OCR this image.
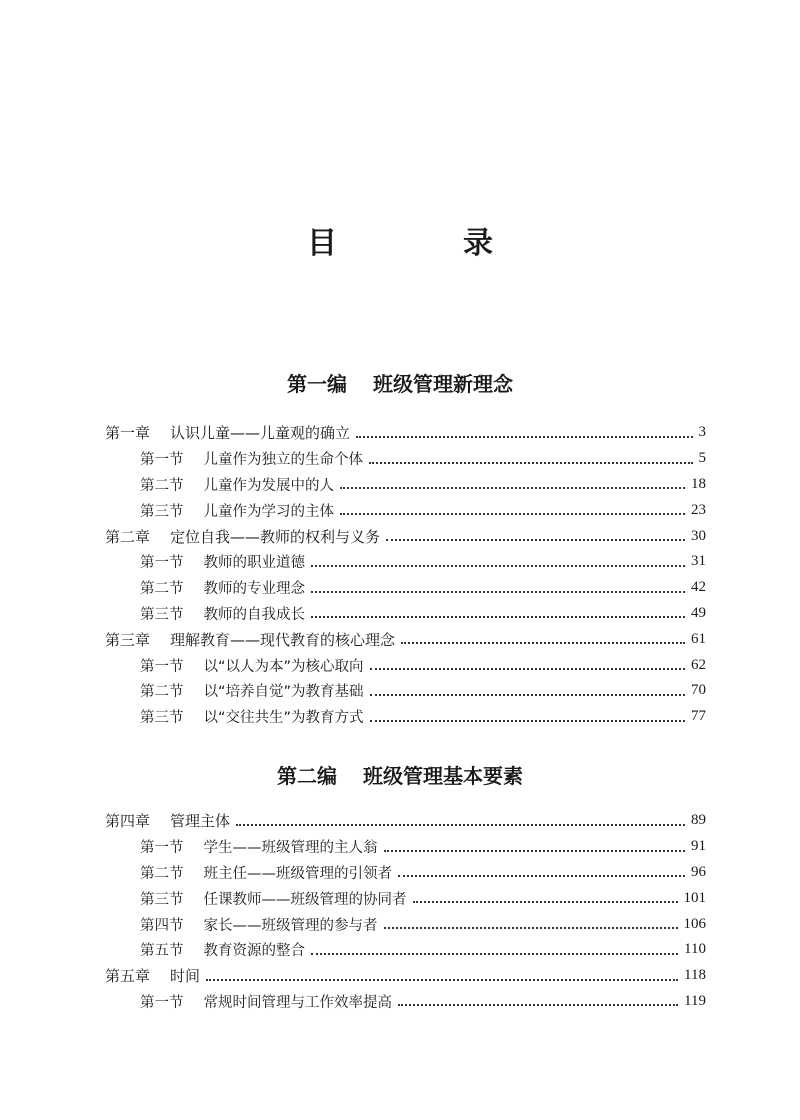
目　录
第一编 班级管理新理念
第一章 认识儿童——儿童观的确立	3
第一节 儿童作为独立的生命个体	5
第二节 儿童作为发展中的人	18
第三节 儿童作为学习的主体	23
第二章 定位自我——教师的权利与义务	30
第一节 教师的职业道德	31
第二节 教师的专业理念	42
第三节 教师的自我成长	49
第三章 理解教育——现代教育的核心理念	61
第一节 以“以人为本”为核心取向	62
第二节 以“培养自觉”为教育基础	70
第三节 以“交往共生”为教育方式	77
第二编 班级管理基本要素
第四章 管理主体	89
第一节 学生——班级管理的主人翁	91
第二节 班主任——班级管理的引领者	96
第三节 任课教师——班级管理的协同者	101
第四节 家长——班级管理的参与者	106
第五节 教育资源的整合	110
第五章 时间	118
第一节 常规时间管理与工作效率提高	119
